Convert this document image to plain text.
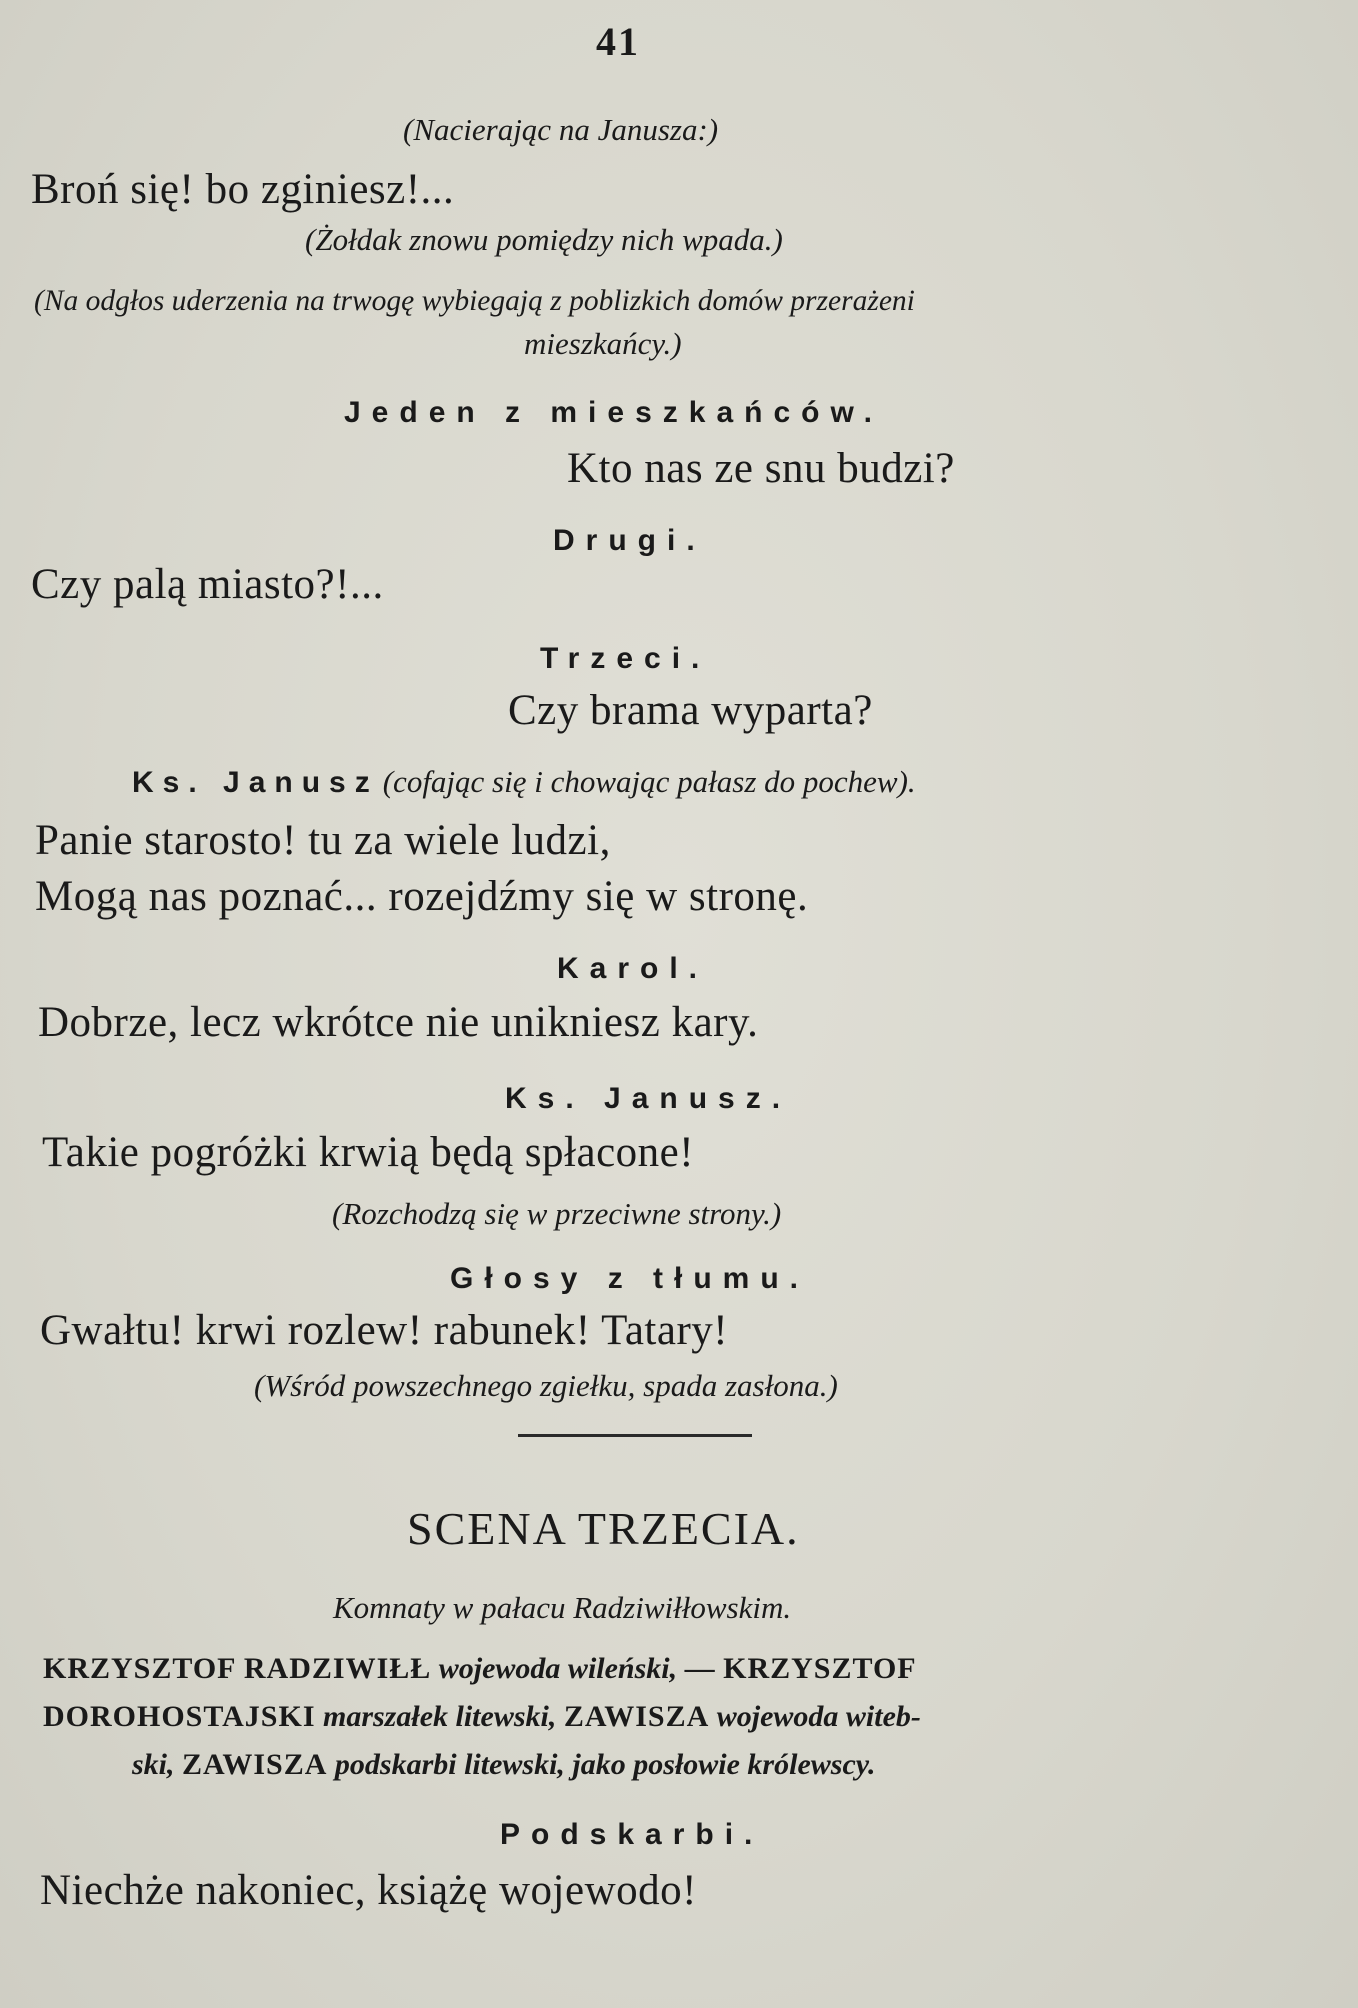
41
(Nacierając na Janusza:)
Broń się! bo zginiesz!...
(Żołdak znowu pomiędzy nich wpada.)
(Na odgłos uderzenia na trwogę wybiegają z poblizkich domów przerażeni
mieszkańcy.)
Jeden z mieszkańców.
Kto nas ze snu budzi?
Drugi.
Czy palą miasto?!...
Trzeci.
Czy brama wyparta?
Ks. Janusz (cofając się i chowając pałasz do pochew).
Panie starosto! tu za wiele ludzi,
Mogą nas poznać... rozejdźmy się w stronę.
Karol.
Dobrze, lecz wkrótce nie unikniesz kary.
Ks. Janusz.
Takie pogróżki krwią będą spłacone!
(Rozchodzą się w przeciwne strony.)
Głosy z tłumu.
Gwałtu! krwi rozlew! rabunek! Tatary!
(Wśród powszechnego zgiełku, spada zasłona.)
SCENA TRZECIA.
Komnaty w pałacu Radziwiłłowskim.
KRZYSZTOF RADZIWIŁŁ wojewoda wileński, — KRZYSZTOF
DOROHOSTAJSKI marszałek litewski, ZAWISZA wojewoda witeb-
ski, ZAWISZA podskarbi litewski, jako posłowie królewscy.
Podskarbi.
Niechże nakoniec, książę wojewodo!
